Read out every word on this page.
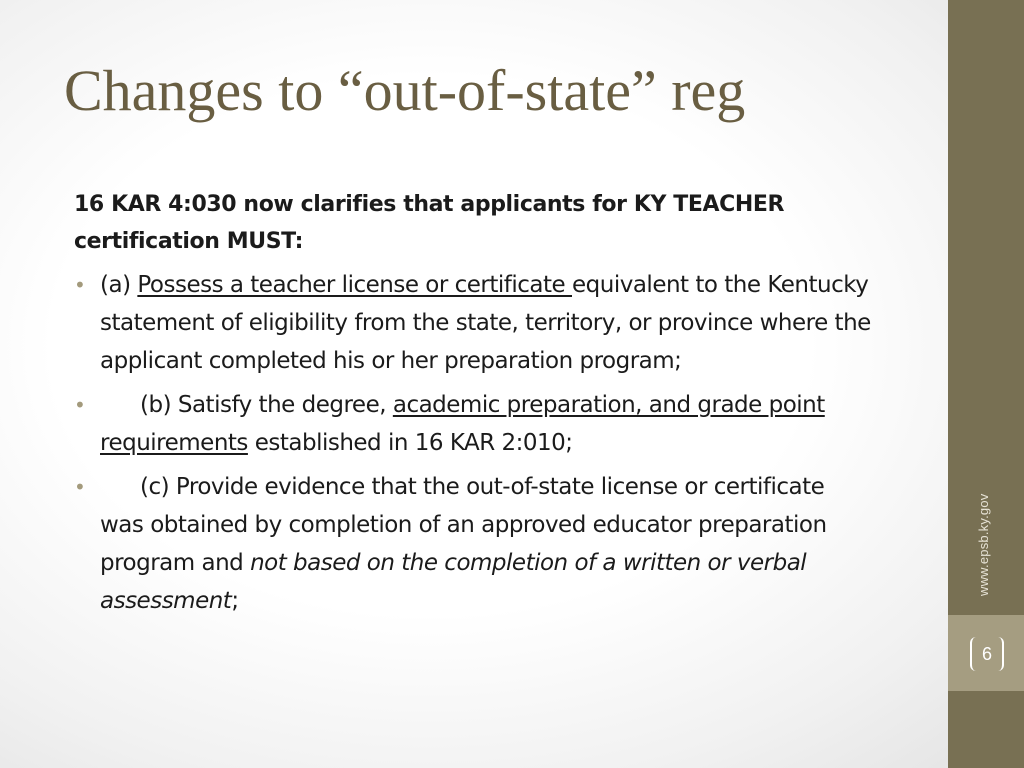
Changes to “out-of-state” reg

16 KAR 4:030 now clarifies that applicants for KY TEACHER certification MUST:

• (a) Possess a teacher license or certificate equivalent to the Kentucky statement of eligibility from the state, territory, or province where the applicant completed his or her preparation program;
• (b) Satisfy the degree, academic preparation, and grade point requirements established in 16 KAR 2:010;
• (c) Provide evidence that the out-of-state license or certificate was obtained by completion of an approved educator preparation program and not based on the completion of a written or verbal assessment;
www.epsb.ky.gov
6
